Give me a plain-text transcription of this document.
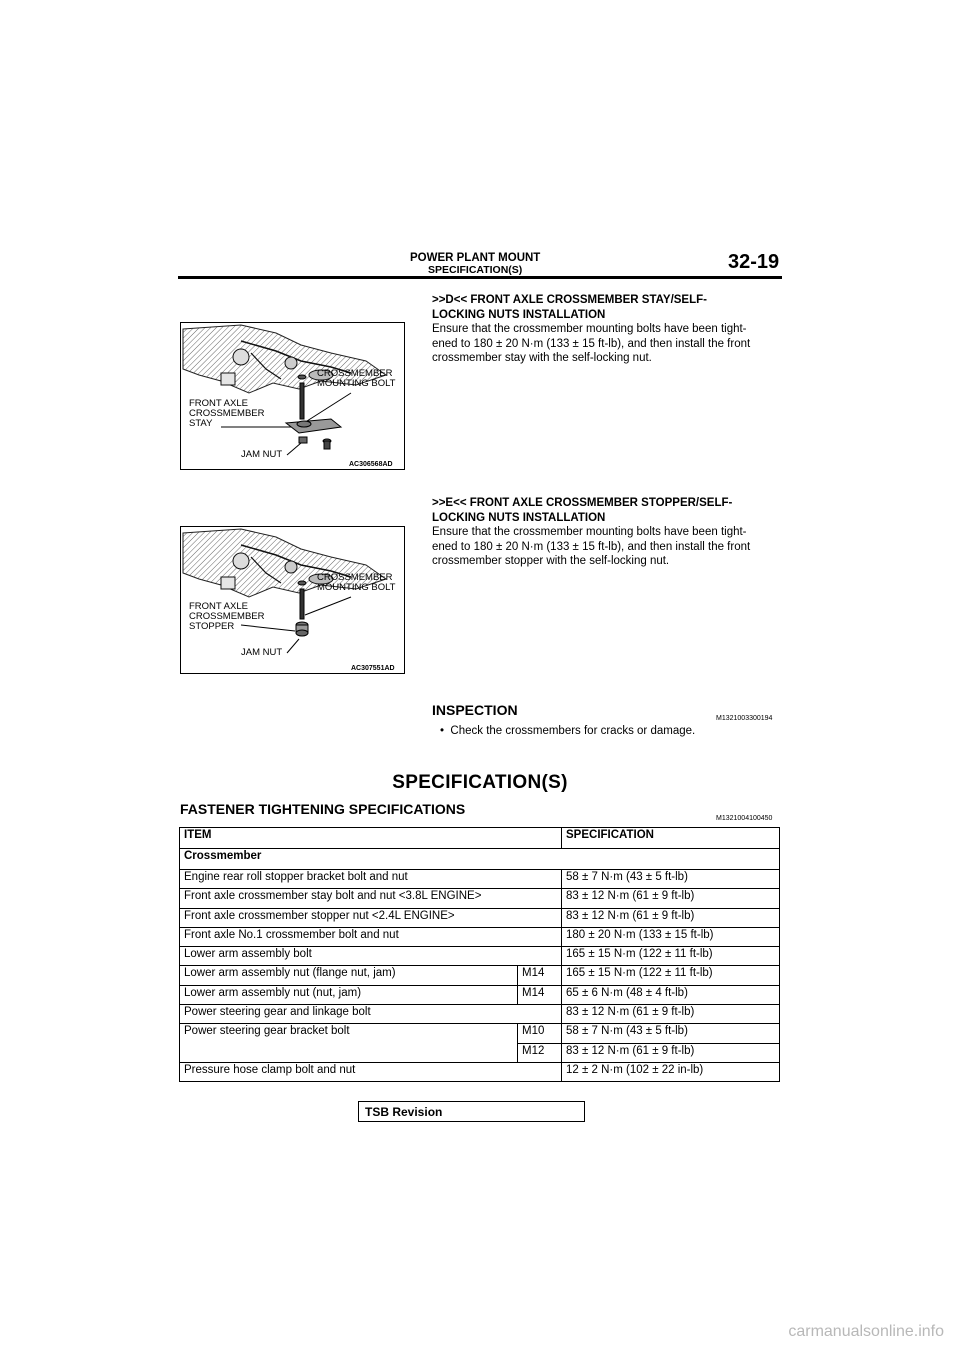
POWER PLANT MOUNT
SPECIFICATION(S)	32-19
CROSSMEMBER
MOUNTING BOLT
FRONT AXLE
CROSSMEMBER
STAY
JAM NUT
AC306568AD
>>D<< FRONT AXLE CROSSMEMBER STAY/SELF-
LOCKING NUTS INSTALLATION
Ensure that the crossmember mounting bolts have been tight-
ened to 180 ± 20 N·m (133 ± 15 ft-lb), and then install the front
crossmember stay with the self-locking nut.
CROSSMEMBER
MOUNTING BOLT
FRONT AXLE
CROSSMEMBER
STOPPER
JAM NUT
AC307551AD
>>E<< FRONT AXLE CROSSMEMBER STOPPER/SELF-
LOCKING NUTS INSTALLATION
Ensure that the crossmember mounting bolts have been tight-
ened to 180 ± 20 N·m (133 ± 15 ft-lb), and then install the front
crossmember stopper with the self-locking nut.
INSPECTION
M1321003300194
•  Check the crossmembers for cracks or damage.
SPECIFICATION(S)
FASTENER TIGHTENING SPECIFICATIONS
M1321004100450
ITEM		SPECIFICATION
Crossmember		
Engine rear roll stopper bracket bolt and nut		58 ± 7 N·m (43 ± 5 ft-lb)
Front axle crossmember stay bolt and nut <3.8L ENGINE>		83 ± 12 N·m (61 ± 9 ft-lb)
Front axle crossmember stopper nut <2.4L ENGINE>		83 ± 12 N·m (61 ± 9 ft-lb)
Front axle No.1 crossmember bolt and nut		180 ± 20 N·m (133 ± 15 ft-lb)
Lower arm assembly bolt		165 ± 15 N·m (122 ± 11 ft-lb)
Lower arm assembly nut (flange nut, jam)	M14	165 ± 15 N·m (122 ± 11 ft-lb)
Lower arm assembly nut (nut, jam)	M14	65 ± 6 N·m (48 ± 4 ft-lb)
Power steering gear and linkage bolt		83 ± 12 N·m (61 ± 9 ft-lb)
Power steering gear bracket bolt	M10	58 ± 7 N·m (43 ± 5 ft-lb)
	M12	83 ± 12 N·m (61 ± 9 ft-lb)
Pressure hose clamp bolt and nut		12 ± 2 N·m (102 ± 22 in-lb)
TSB Revision
carmanualsonline.info
